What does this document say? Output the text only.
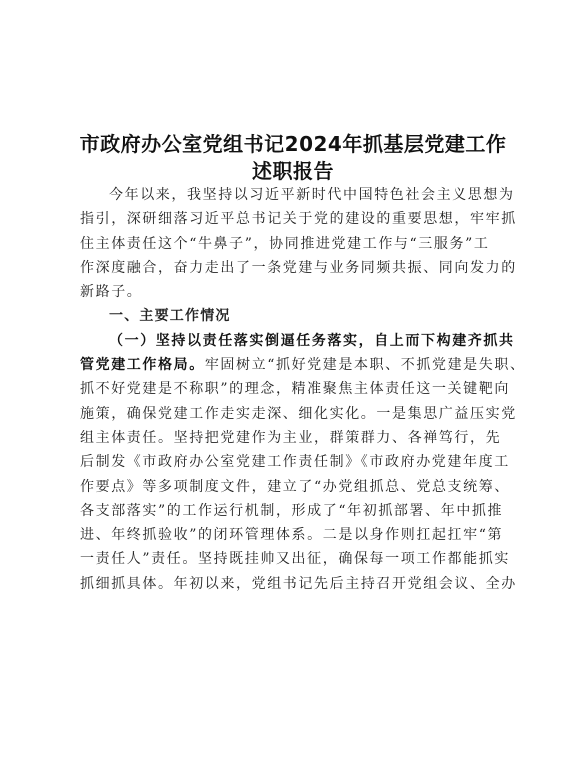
市政府办公室党组书记2024年抓基层党建工作
述职报告
今年以来，我坚持以习近平新时代中国特色社会主义思想为
指引，深研细落习近平总书记关于党的建设的重要思想，牢牢抓
住主体责任这个“牛鼻子”，协同推进党建工作与“三服务”工
作深度融合，奋力走出了一条党建与业务同频共振、同向发力的
新路子。
一、主要工作情况
（一）坚持以责任落实倒逼任务落实，自上而下构建齐抓共
管党建工作格局。牢固树立“抓好党建是本职、不抓党建是失职、
抓不好党建是不称职”的理念，精准聚焦主体责任这一关键靶向
施策，确保党建工作走实走深、细化实化。一是集思广益压实党
组主体责任。坚持把党建作为主业，群策群力、各禅笃行，先
后制发《市政府办公室党建工作责任制》《市政府办党建年度工
作要点》等多项制度文件，建立了“办党组抓总、党总支统筹、
各支部落实”的工作运行机制，形成了“年初抓部署、年中抓推
进、年终抓验收”的闭环管理体系。二是以身作则扛起扛牢“第
一责任人”责任。坚持既挂帅又出征，确保每一项工作都能抓实
抓细抓具体。年初以来，党组书记先后主持召开党组会议、全办
